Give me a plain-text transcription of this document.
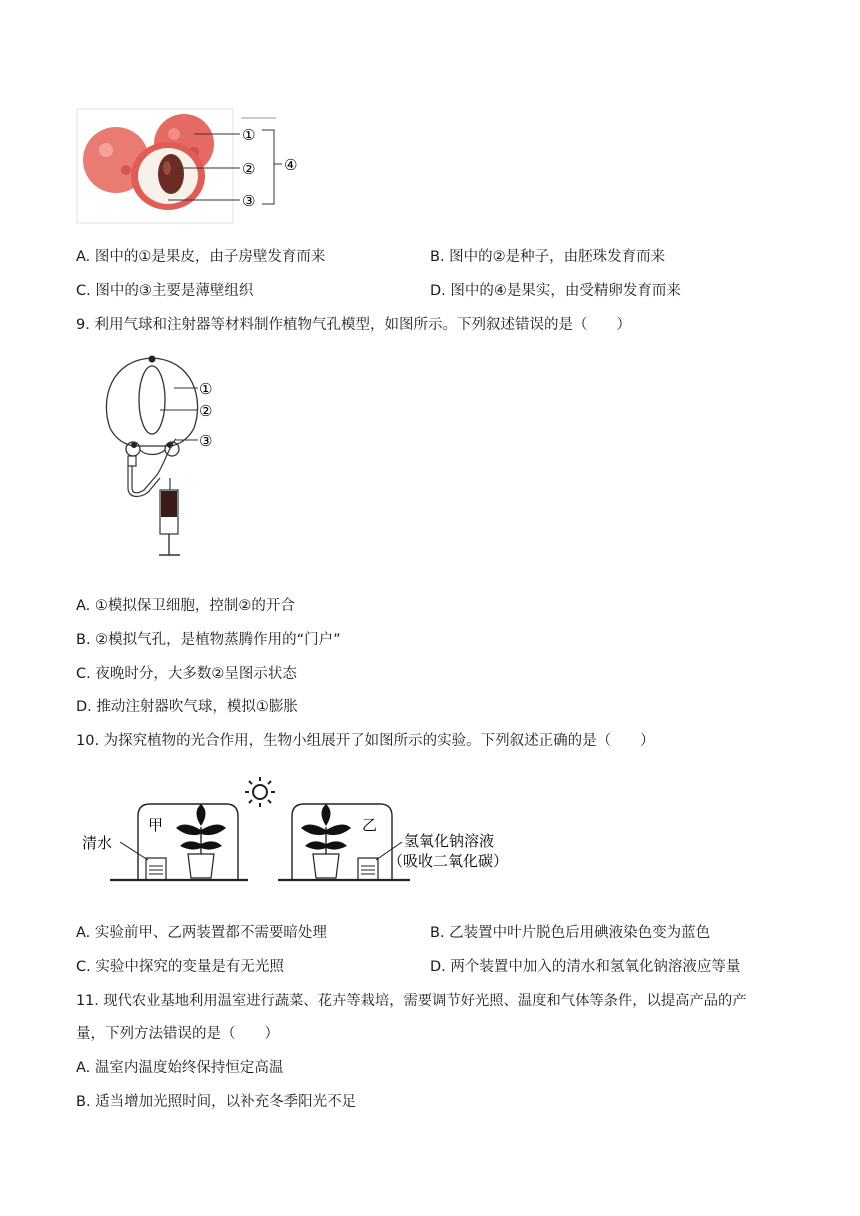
①
②
③
④
A. 图中的①是果皮，由子房壁发育而来	B. 图中的②是种子，由胚珠发育而来
C. 图中的③主要是薄壁组织	D. 图中的④是果实，由受精卵发育而来
9. 利用气球和注射器等材料制作植物气孔模型，如图所示。下列叙述错误的是（　　）
①
②
③
A. ①模拟保卫细胞，控制②的开合
B. ②模拟气孔，是植物蒸腾作用的“门户”
C. 夜晚时分，大多数②呈图示状态
D. 推动注射器吹气球，模拟①膨胀
10. 为探究植物的光合作用，生物小组展开了如图所示的实验。下列叙述正确的是（　　）
清水
甲	乙
氢氧化钠溶液
（吸收二氧化碳）
A. 实验前甲、乙两装置都不需要暗处理	B. 乙装置中叶片脱色后用碘液染色变为蓝色
C. 实验中探究的变量是有无光照	D. 两个装置中加入的清水和氢氧化钠溶液应等量
11. 现代农业基地利用温室进行蔬菜、花卉等栽培，需要调节好光照、温度和气体等条件，以提高产品的产
量，下列方法错误的是（　　）
A. 温室内温度始终保持恒定高温
B. 适当增加光照时间，以补充冬季阳光不足
